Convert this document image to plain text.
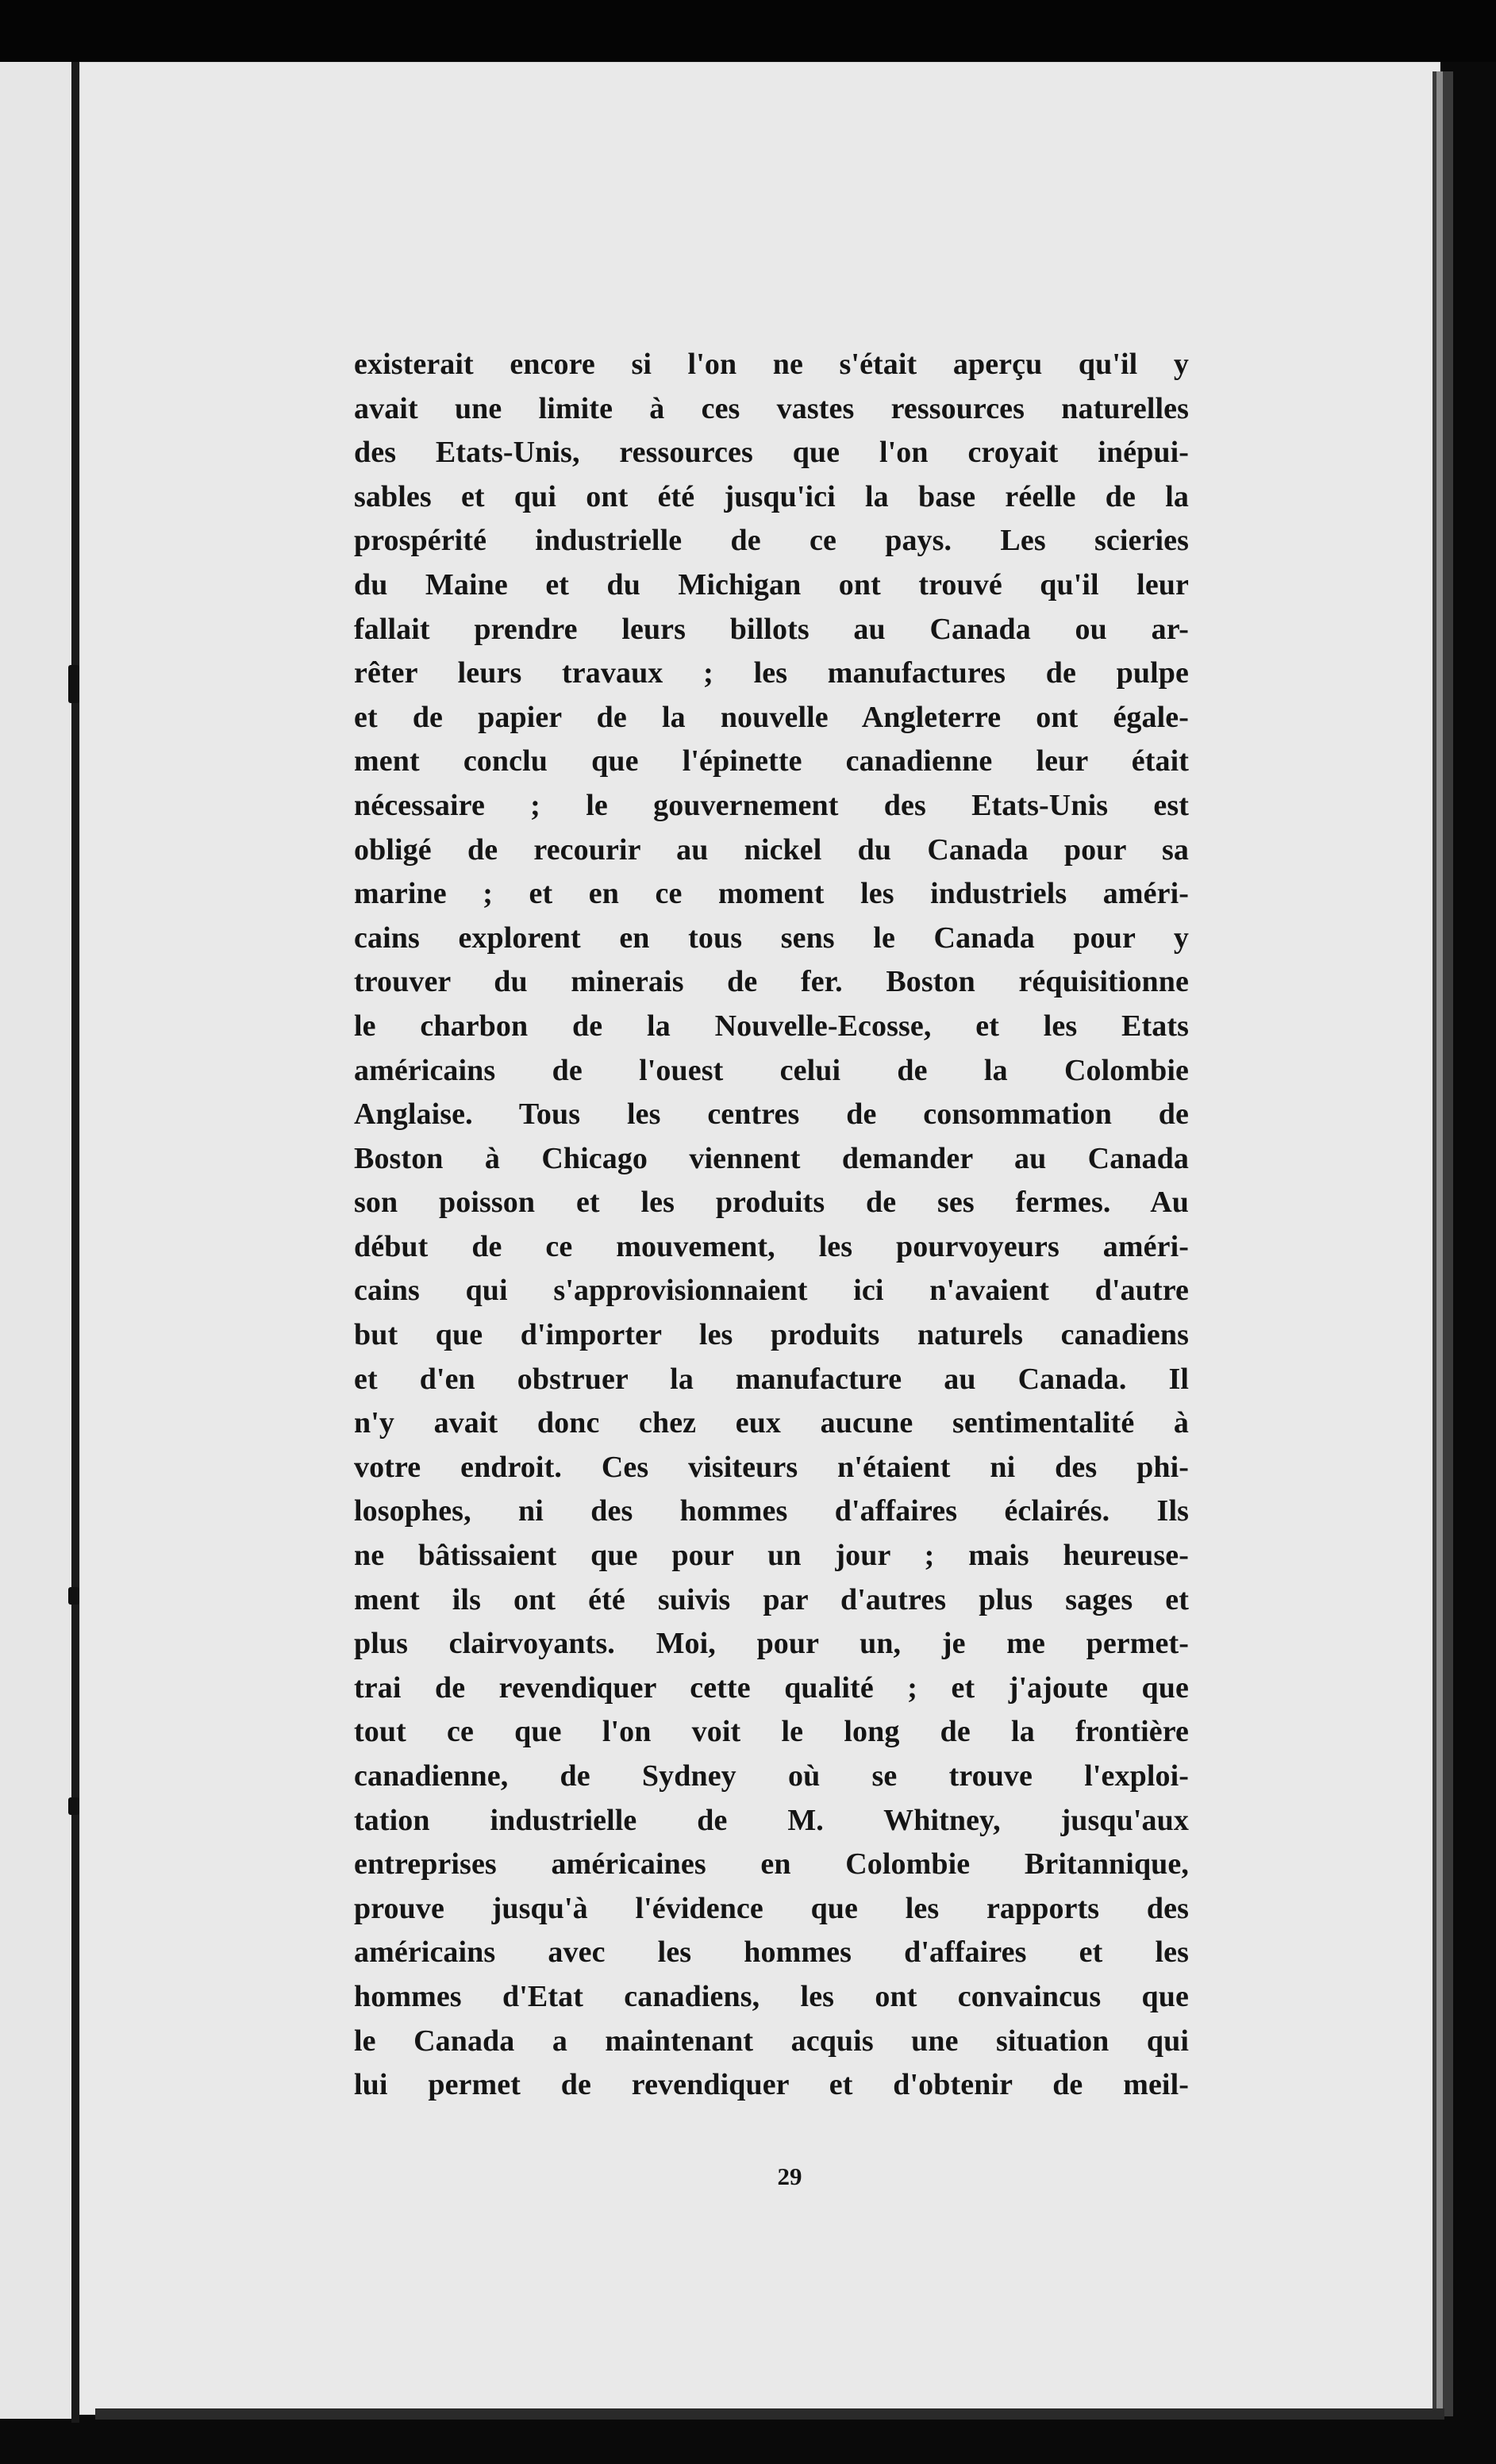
existerait encore si l'on ne s'était aperçu qu'il y
avait une limite à ces vastes ressources naturelles
des Etats-Unis, ressources que l'on croyait inépui-
sables et qui ont été jusqu'ici la base réelle de la
prospérité industrielle de ce pays. Les scieries
du Maine et du Michigan ont trouvé qu'il leur
fallait prendre leurs billots au Canada ou ar-
rêter leurs travaux ; les manufactures de pulpe
et de papier de la nouvelle Angleterre ont égale-
ment conclu que l'épinette canadienne leur était
nécessaire ; le gouvernement des Etats-Unis est
obligé de recourir au nickel du Canada pour sa
marine ; et en ce moment les industriels améri-
cains explorent en tous sens le Canada pour y
trouver du minerais de fer. Boston réquisitionne
le charbon de la Nouvelle-Ecosse, et les Etats
américains de l'ouest celui de la Colombie
Anglaise. Tous les centres de consommation de
Boston à Chicago viennent demander au Canada
son poisson et les produits de ses fermes. Au
début de ce mouvement, les pourvoyeurs améri-
cains qui s'approvisionnaient ici n'avaient d'autre
but que d'importer les produits naturels canadiens
et d'en obstruer la manufacture au Canada. Il
n'y avait donc chez eux aucune sentimentalité à
votre endroit. Ces visiteurs n'étaient ni des phi-
losophes, ni des hommes d'affaires éclairés. Ils
ne bâtissaient que pour un jour ; mais heureuse-
ment ils ont été suivis par d'autres plus sages et
plus clairvoyants. Moi, pour un, je me permet-
trai de revendiquer cette qualité ; et j'ajoute que
tout ce que l'on voit le long de la frontière
canadienne, de Sydney où se trouve l'exploi-
tation industrielle de M. Whitney, jusqu'aux
entreprises américaines en Colombie Britannique,
prouve jusqu'à l'évidence que les rapports des
américains avec les hommes d'affaires et les
hommes d'Etat canadiens, les ont convaincus que
le Canada a maintenant acquis une situation qui
lui permet de revendiquer et d'obtenir de meil-
29
